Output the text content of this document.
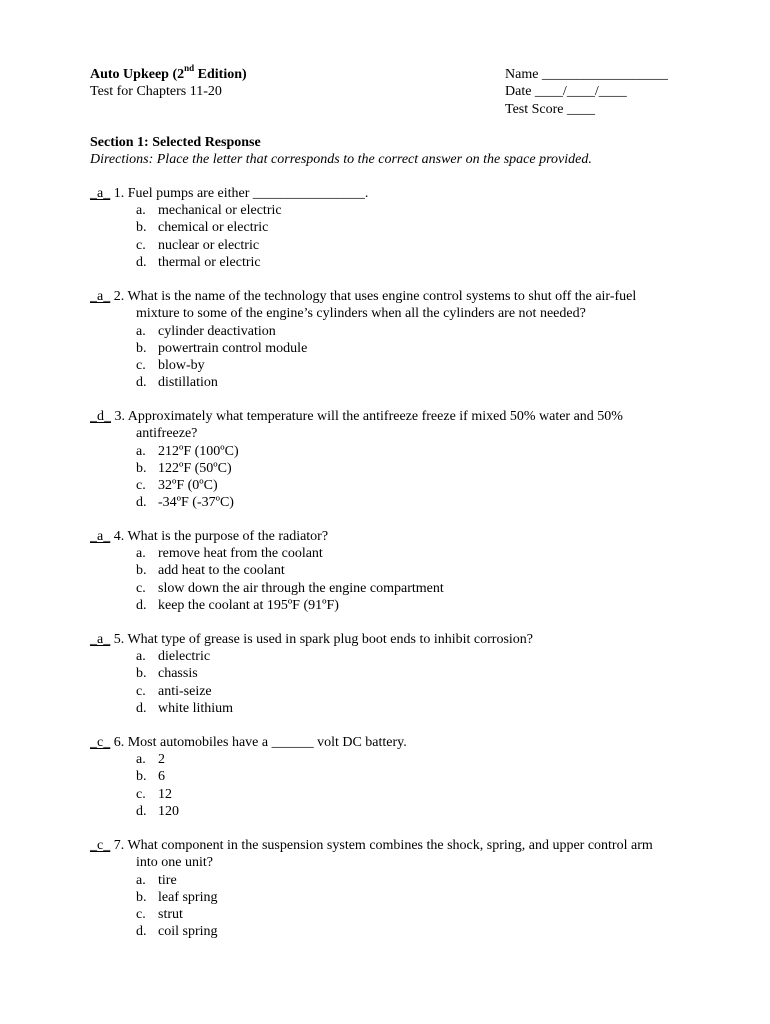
Auto Upkeep (2nd Edition)
Test for Chapters 11-20
Name __________________
Date ____/____/____
Test Score ____
Section 1: Selected Response
Directions: Place the letter that corresponds to the correct answer on the space provided.
_a_ 1. Fuel pumps are either ________________.
a. mechanical or electric
b. chemical or electric
c. nuclear or electric
d. thermal or electric
_a_ 2. What is the name of the technology that uses engine control systems to shut off the air-fuel
mixture to some of the engine’s cylinders when all the cylinders are not needed?
a. cylinder deactivation
b. powertrain control module
c. blow-by
d. distillation
_d_ 3. Approximately what temperature will the antifreeze freeze if mixed 50% water and 50%
antifreeze?
a. 212ºF (100ºC)
b. 122ºF (50ºC)
c. 32ºF (0ºC)
d. -34ºF (-37ºC)
_a_ 4. What is the purpose of the radiator?
a. remove heat from the coolant
b. add heat to the coolant
c. slow down the air through the engine compartment
d. keep the coolant at 195ºF (91ºF)
_a_ 5. What type of grease is used in spark plug boot ends to inhibit corrosion?
a. dielectric
b. chassis
c. anti-seize
d. white lithium
_c_ 6. Most automobiles have a ______ volt DC battery.
a. 2
b. 6
c. 12
d. 120
_c_ 7. What component in the suspension system combines the shock, spring, and upper control arm
into one unit?
a. tire
b. leaf spring
c. strut
d. coil spring
